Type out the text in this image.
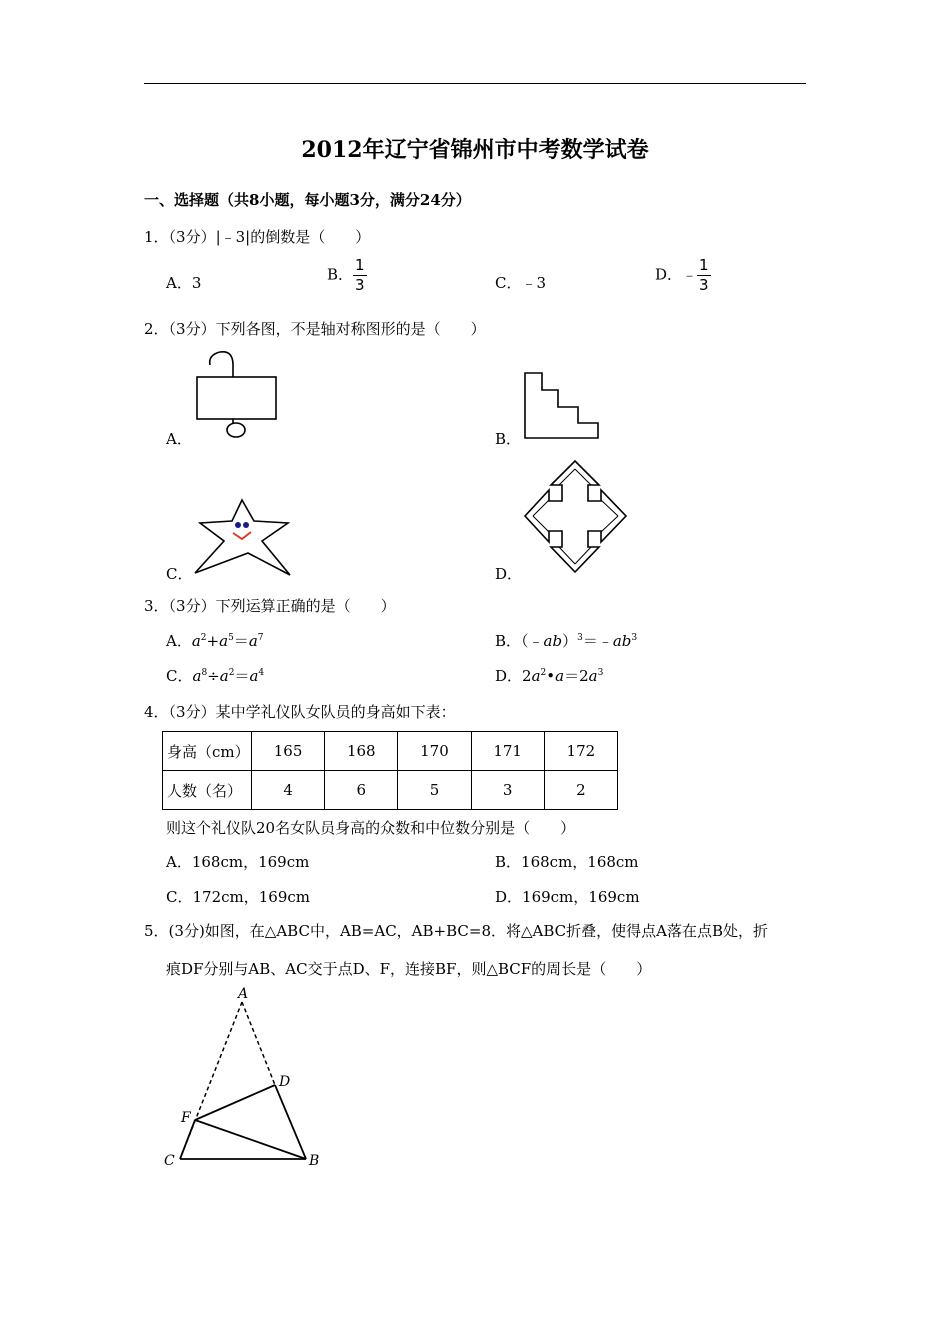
2012年辽宁省锦州市中考数学试卷
一、选择题（共8小题，每小题3分，满分24分）
1．（3分）|﹣3|的倒数是（　　）
A．3	B． $\frac{1}{3}$	C．﹣3	D．﹣ $\frac{1}{3}$
2．（3分）下列各图，不是轴对称图形的是（　　）
A．	B．
C．	D．
3．（3分）下列运算正确的是（　　）
A．$a^2+a^5=a^7$	B．$(﹣ab)^3=﹣ab^3$
C．$a^8\div a^2=a^4$	D．$2a^2•a=2a^3$
4．（3分）某中学礼仪队女队员的身高如下表：
身高（cm）	165	168	170	171	172
人数（名）	4	6	5	3	2
则这个礼仪队20名女队员身高的众数和中位数分别是（　　）
A．168cm，169cm	B．168cm，168cm
C．172cm，169cm	D．169cm，169cm
5．(3分)如图，在△ABC中，AB=AC，AB+BC=8．将△ABC折叠，使得点A落在点B处，折
痕DF分别与AB、AC交于点D、F，连接BF，则△BCF的周长是（　　）
A
D
F
C	B
